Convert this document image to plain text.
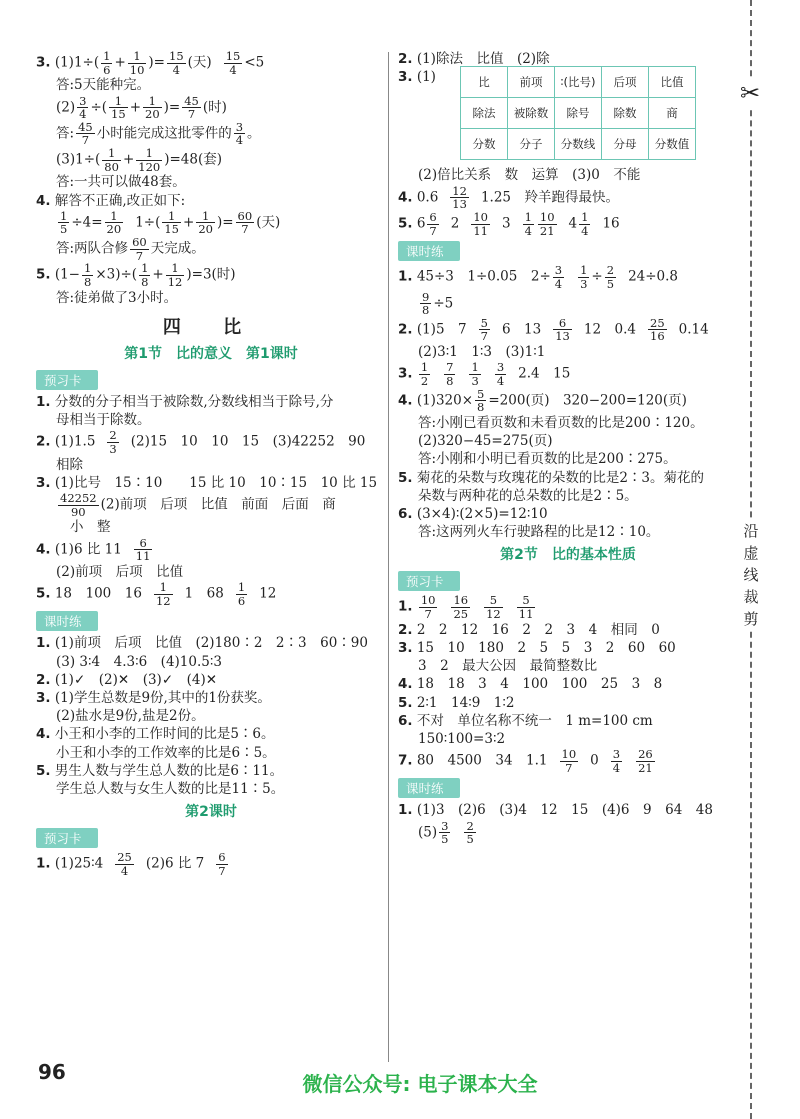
✂
沿虚线裁剪

3. $(1)1\div( \frac{1}{6} + \frac{1}{10}$ )= $\frac{15}{4}$ (天) $\frac{15}{4} <5$

答:5天能种完。

$(2) \frac{3}{4}$ ÷( $\frac{1}{15} + \frac{1}{20}$ )= $\frac{45}{7}$ (时)

答: $\frac{45}{7}$ 小时能完成这批零件的 $\frac{3}{4}$ 。

$(3)1\div( \frac{1}{80} + \frac{1}{120} )=48$(套)

答:一共可以做48套。

4. 解答不正确,改正如下:

$\frac{1}{5} \div 4= \frac{1}{20} 1\div( \frac{1}{15} + \frac{1}{20}$ )= $\frac{60}{7}$ (天)

答:两队合修 $\frac{60}{7}$ 天完成。

5. $(1- \frac{1}{8} \times 3)\div( \frac{1}{8} + \frac{1}{12} )=3$(时)

答:徒弟做了3小时。

四 比
第1节　比的意义　第1课时
预习卡

1. 分数的分子相当于被除数,分数线相当于除号,分

母相当于除数。

2. $(1)1.5 \frac{2}{3} (2)15$　10　10　15　(3)42252　90

相除

3. (1)比号　15∶10　　15 比 10　10∶15　10 比 15

$\frac{42252}{90} (2)$前项　后项　比值　前面　后面　商

小　整

4. (1)6 比 $11 \frac{6}{11}$

(2)前项　后项　比值

5. 18　100　$16 \frac{1}{12} 1$　$68 \frac{1}{6} 12$

课时练

1. (1)前项　后项　比值　(2)180∶2　2∶3　60∶90

(3) 3∶4　4.3∶6　(4)10.5∶3

2. (1)✓　(2)✕　(3)✓　(4)✕

3. (1)学生总数是9份,其中的1份获奖。

(2)盐水是9份,盐是2份。

4. 小王和小李的工作时间的比是5∶6。

小王和小李的工作效率的比是6∶5。

5. 男生人数与学生总人数的比是6∶11。

学生总人数与女生人数的比是11∶5。

第2课时
预习卡

1. (1)25∶4 $\frac{25}{4} (2)6$ 比 $7 \frac{6}{7}$

2. (1)除法　比值　(2)除

3. (1)	比	前项	∶(比号)	后项	比值
除法	被除数	除号	除数	商
分数	分子	分数线	分母	分数值

(2)倍比关系　数　运算　(3)0　不能

4. $0.6 \frac{12}{13} 1.25$　羚羊跑得最快。

5. $6 \frac{6}{7} 2 \frac{10}{11} 3 \frac{1}{4} \frac{10}{21} 4 \frac{1}{4} 16$

课时练

1. 45÷3　1÷0.05　$2\div \frac{3}{4} \frac{1}{3} \div \frac{2}{5} 24\div 0.8$

$\frac{9}{8} \div 5$

2. (1)5　$7 \frac{5}{7} 6$　$13 \frac{6}{13} 12$　$0.4 \frac{25}{16} 0.14$

(2)3∶1　1∶3　(3)1∶1

3. $\frac{1}{2} \frac{7}{8} \frac{1}{3} \frac{3}{4} 2.4$　15

4. $(1)320\times \frac{5}{8} =200$(页)　320−200=120(页)

答:小刚已看页数和未看页数的比是200∶120。

(2)320−45=275(页)

答:小刚和小明已看页数的比是200∶275。

5. 菊花的朵数与玫瑰花的朵数的比是2∶3。菊花的

朵数与两种花的总朵数的比是2∶5。

6. (3×4)∶(2×5)=12∶10

答:这两列火车行驶路程的比是12∶10。

第2节　比的基本性质
预习卡

1. $\frac{10}{7} \frac{16}{25} \frac{5}{12} \frac{5}{11}$

2. 2　2　12　16　2　2　3　4　相同　0

3. 15　10　180　2　5　5　3　2　60　60

3　2　最大公因　最简整数比

4. 18　18　3　4　100　100　25　3　8

5. 2∶1　14∶9　1∶2

6. 不对　单位名称不统一　1 m=100 cm

150∶100=3∶2

7. 80　4500　34　$1.1 \frac{10}{7} 0 \frac{3}{4} \frac{26}{21}$

课时练

1. (1)3　(2)6　(3)4　12　15　(4)6　9　64　48

$(5) \frac{3}{5} \frac{2}{5}$

96	微信公众号: 电子课本大全
